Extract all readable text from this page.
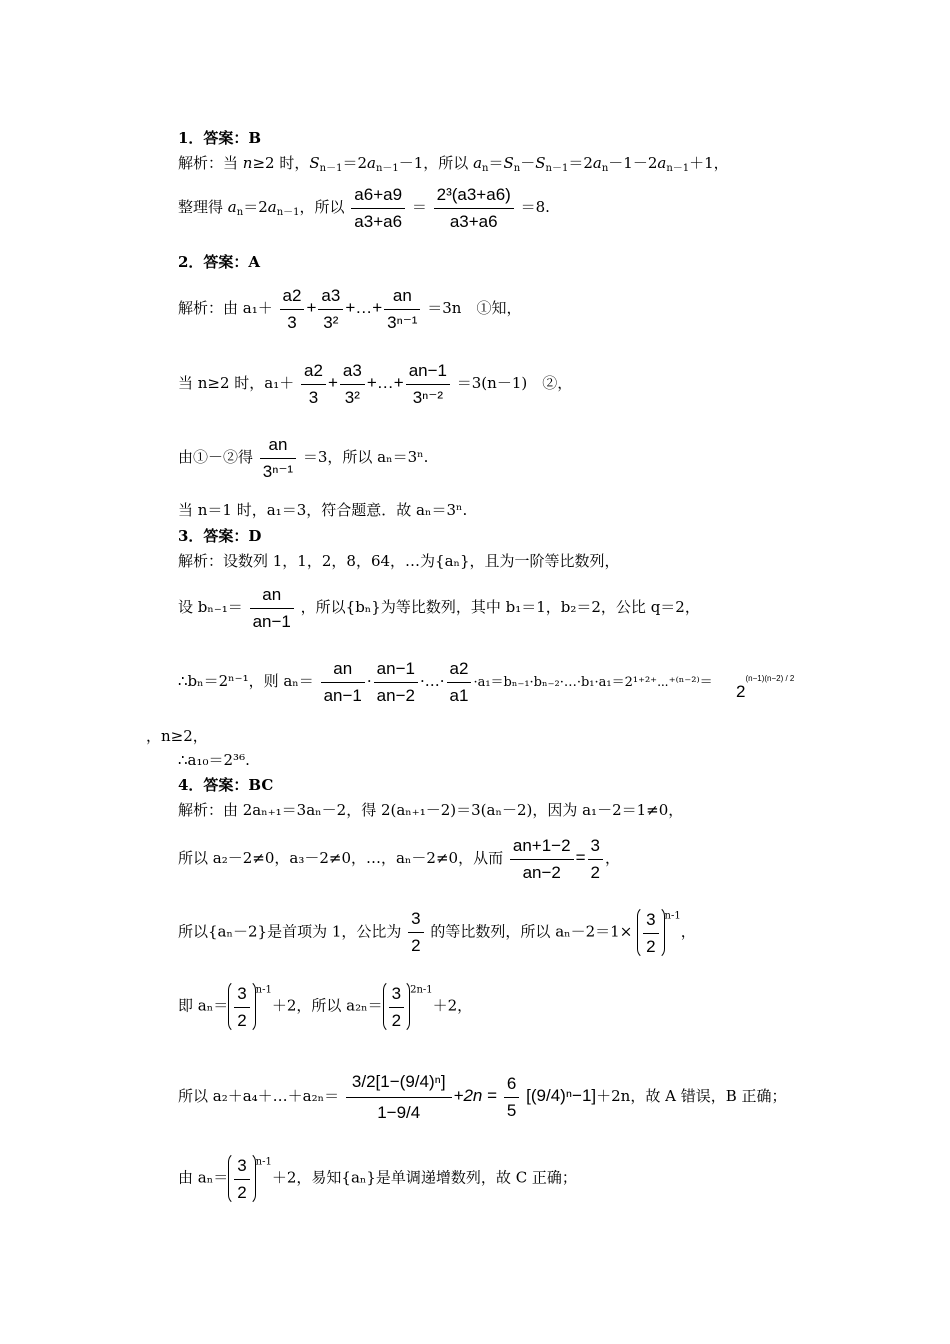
1．答案：B
解析：当 n≥2 时，$S_{n-1}=2a_{n-1}-1$，所以 $a_n=S_n-S_{n-1}=2a_n-1-2a_{n-1}+1$，
整理得 $a_n=2a_{n-1}$，所以 $\frac{a6+a9}{a3+a6} = \frac{\text{2³(a3+a6)}}{a3+a6} =8$.
2．答案：A
解析：由 $a_1+ \frac{a2}{3} + \frac{a3}{\text{3²}}$ +…+ $\frac{an}{\text{3ⁿ⁻¹}} =3n$　①知，
当 n≥2 时，$a_1+ \frac{a2}{3} + \frac{a3}{\text{3²}}$ +…+ $\frac{an-1}{\text{3ⁿ⁻²}} =3(n-1)$　②，
由①－②得 $\frac{an}{\text{3ⁿ⁻¹}} =3$，所以 aₙ＝3ⁿ.
当 n＝1 时，a₁＝3，符合题意．故 aₙ＝3ⁿ.
3．答案：D
解析：设数列 1，1，2，8，64，…为{aₙ}，且为一阶等比数列，
设 $b_{n-1}= \frac{an}{an-1}$ ，所以{bₙ}为等比数列，其中 b₁＝1，b₂＝2，公比 q＝2，
∴bₙ＝2ⁿ⁻¹，则 $a_n= \frac{an}{an-1} \cdot \frac{an-1}{an-2}$ ·…· $\frac{a2}{a1}$ ·a₁＝bₙ₋₁·bₙ₋₂·…·b₁·a₁＝2¹⁺²⁺⋯⁺⁽ⁿ⁻²⁾＝ 2(n−1)(n−2) / 2
，n≥2，
∴a₁₀＝2³⁶.
4．答案：BC
解析：由 2aₙ₊₁＝3aₙ－2，得 2(aₙ₊₁－2)＝3(aₙ－2)，因为 a₁－2＝1≠0，
所以 a₂－2≠0，a₃－2≠0，…，aₙ－2≠0，从而 $\frac{an+1-2}{an-2} = \frac{3}{2}$ ，
所以{aₙ－2}是首项为 1，公比为 $\frac{3}{2}$ 的等比数列，所以 $a_n-2=1\times \frac{3}{2} ^{n-1}$，
即 $a_n= \frac{3}{2} ^{n-1}+2$，所以 $a_{2n}= \frac{3}{2} ^{2n-1}+2$，
所以 a₂＋a₄＋…＋a₂ₙ＝ $\frac{\text{3/2[1−(9/4)ⁿ]}}{1-9/4} +2n = \frac{6}{5} [(9/4)^n-1]+2n$，故 A 错误，B 正确；
由 $a_n= \frac{3}{2} ^{n-1}+2$，易知{aₙ}是单调递增数列，故 C 正确；
